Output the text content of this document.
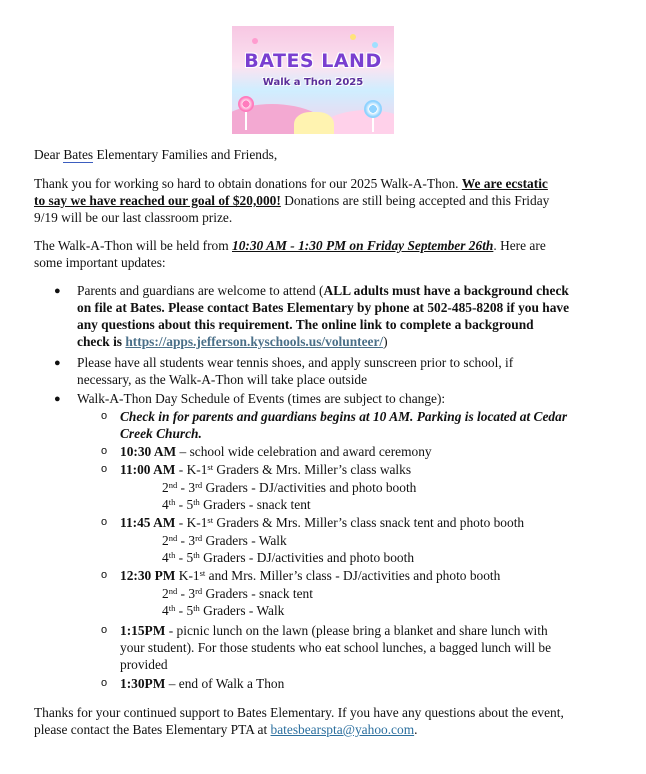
BATES LAND
Walk a Thon 2025
Dear Bates Elementary Families and Friends,
Thank you for working so hard to obtain donations for our 2025 Walk-A-Thon. We are ecstatic
to say we have reached our goal of $20,000! Donations are still being accepted and this Friday
9/19 will be our last classroom prize.
The Walk-A-Thon will be held from 10:30 AM - 1:30 PM on Friday September 26th. Here are
some important updates:
● Parents and guardians are welcome to attend (ALL adults must have a background check
on file at Bates. Please contact Bates Elementary by phone at 502-485-8208 if you have
any questions about this requirement. The online link to complete a background
check is https://apps.jefferson.kyschools.us/volunteer/)
● Please have all students wear tennis shoes, and apply sunscreen prior to school, if
necessary, as the Walk-A-Thon will take place outside
● Walk-A-Thon Day Schedule of Events (times are subject to change):
o Check in for parents and guardians begins at 10 AM. Parking is located at Cedar
Creek Church.
o 10:30 AM – school wide celebration and award ceremony
o 11:00 AM - K-1st Graders & Mrs. Miller’s class walks
2nd - 3rd Graders - DJ/activities and photo booth
4th - 5th Graders - snack tent
o 11:45 AM - K-1st Graders & Mrs. Miller’s class snack tent and photo booth
2nd - 3rd Graders - Walk
4th - 5th Graders - DJ/activities and photo booth
o 12:30 PM K-1st and Mrs. Miller’s class - DJ/activities and photo booth
2nd - 3rd Graders - snack tent
4th - 5th Graders - Walk
o 1:15PM - picnic lunch on the lawn (please bring a blanket and share lunch with
your student). For those students who eat school lunches, a bagged lunch will be
provided
o 1:30PM – end of Walk a Thon
Thanks for your continued support to Bates Elementary. If you have any questions about the event,
please contact the Bates Elementary PTA at batesbearspta@yahoo.com.
